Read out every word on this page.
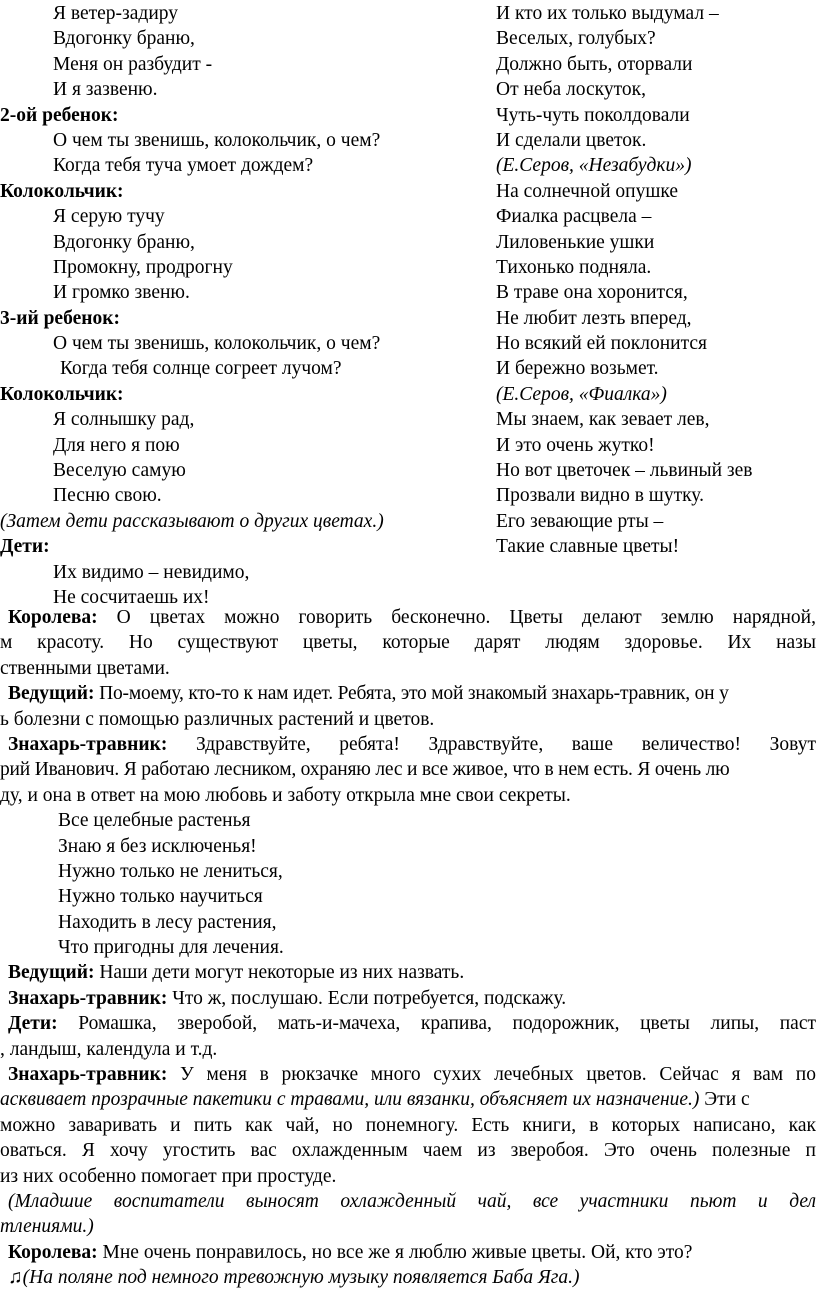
Я ветер-задиру
Вдогонку браню,
Меня он разбудит -
И я зазвеню.
2-ой ребенок:
О чем ты звенишь, колокольчик, о чем?
Когда тебя туча умоет дождем?
Колокольчик:
Я серую тучу
Вдогонку браню,
Промокну, продрогну
И громко звеню.
3-ий ребенок:
О чем ты звенишь, колокольчик, о чем?
Когда тебя солнце согреет лучом?
Колокольчик:
Я солнышку рад,
Для него я пою
Веселую самую
Песню свою.
(Затем дети рассказывают о других цветах.)
Дети:
Их видимо – невидимо,
Не сосчитаешь их!
И кто их только выдумал –
Веселых, голубых?
Должно быть, оторвали
От неба лоскуток,
Чуть-чуть поколдовали
И сделали цветок.
(Е.Серов, «Незабудки»)
На солнечной опушке
Фиалка расцвела –
Лиловенькие ушки
Тихонько подняла.
В траве она хоронится,
Не любит лезть вперед,
Но всякий ей поклонится
И бережно возьмет.
(Е.Серов, «Фиалка»)
Мы знаем, как зевает лев,
И это очень жутко!
Но вот цветочек – львиный зев
Прозвали видно в шутку.
Его зевающие рты –
Такие славные цветы!
Королева: О цветах можно говорить бесконечно. Цветы делают землю нарядной,
м красоту. Но существуют цветы, которые дарят людям здоровье. Их назы
ственными цветами.
Ведущий: По-моему, кто-то к нам идет. Ребята, это мой знакомый знахарь-травник, он у
ь болезни с помощью различных растений и цветов.
Знахарь-травник: Здравствуйте, ребята! Здравствуйте, ваше величество! Зовут
рий Иванович. Я работаю лесником, охраняю лес и все живое, что в нем есть. Я очень лю
ду, и она в ответ на мою любовь и заботу открыла мне свои секреты.
Все целебные растенья
Знаю я без исключенья!
Нужно только не лениться,
Нужно только научиться
Находить в лесу растения,
Что пригодны для лечения.
Ведущий: Наши дети могут некоторые из них назвать.
Знахарь-травник: Что ж, послушаю. Если потребуется, подскажу.
Дети: Ромашка, зверобой, мать-и-мачеха, крапива, подорожник, цветы липы, паст
, ландыш, календула и т.д.
Знахарь-травник: У меня в рюкзачке много сухих лечебных цветов. Сейчас я вам по
асквивает прозрачные пакетики с травами, или вязанки, объясняет их назначение.) Эти с
можно заваривать и пить как чай, но понемногу. Есть книги, в которых написано, как
оваться. Я хочу угостить вас охлажденным чаем из зверобоя. Это очень полезные п
из них особенно помогает при простуде.
(Младшие воспитатели выносят охлажденный чай, все участники пьют и дел
тлениями.)
Королева: Мне очень понравилось, но все же я люблю живые цветы. Ой, кто это?
♫(На поляне под немного тревожную музыку появляется Баба Яга.)
